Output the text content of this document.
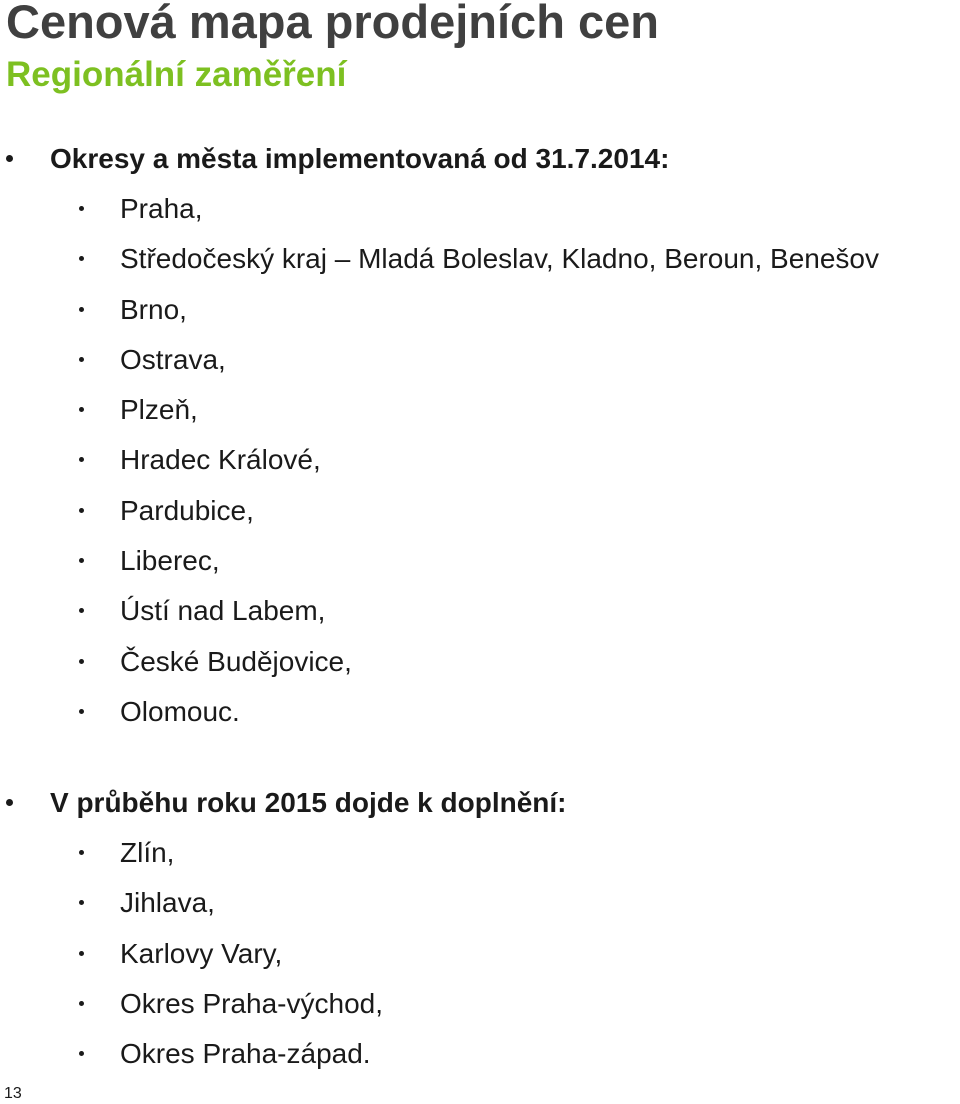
Cenová mapa prodejních cen
Regionální zaměření
Okresy a města implementovaná od 31.7.2014:
Praha,
Středočeský kraj – Mladá Boleslav, Kladno, Beroun, Benešov
Brno,
Ostrava,
Plzeň,
Hradec Králové,
Pardubice,
Liberec,
Ústí nad Labem,
České Budějovice,
Olomouc.
V průběhu roku 2015 dojde k doplnění:
Zlín,
Jihlava,
Karlovy Vary,
Okres Praha-východ,
Okres Praha-západ.
13
